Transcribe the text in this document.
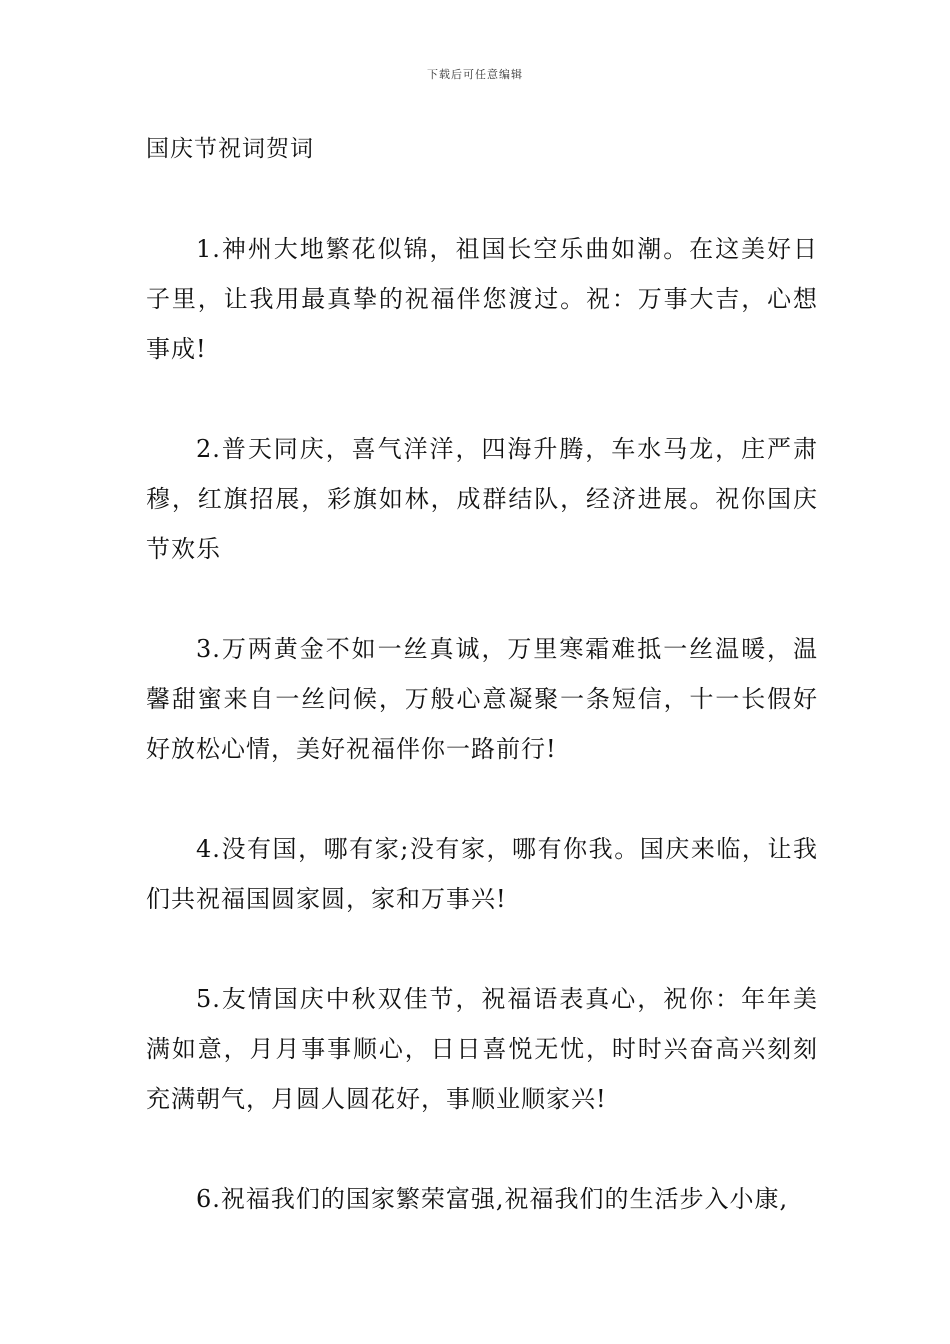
下载后可任意编辑
国庆节祝词贺词

1.神州大地繁花似锦，祖国长空乐曲如潮。在这美好日子里，让我用最真挚的祝福伴您渡过。祝：万事大吉，心想事成!

2.普天同庆，喜气洋洋，四海升腾，车水马龙，庄严肃穆，红旗招展，彩旗如林，成群结队，经济进展。祝你国庆节欢乐

3.万两黄金不如一丝真诚，万里寒霜难抵一丝温暖，温馨甜蜜来自一丝问候，万般心意凝聚一条短信，十一长假好好放松心情，美好祝福伴你一路前行!

4.没有国，哪有家;没有家，哪有你我。国庆来临，让我们共祝福国圆家圆，家和万事兴!

5.友情国庆中秋双佳节，祝福语表真心，祝你：年年美满如意，月月事事顺心，日日喜悦无忧，时时兴奋高兴刻刻充满朝气，月圆人圆花好，事顺业顺家兴!

6.祝福我们的国家繁荣富强,祝福我们的生活步入小康,
